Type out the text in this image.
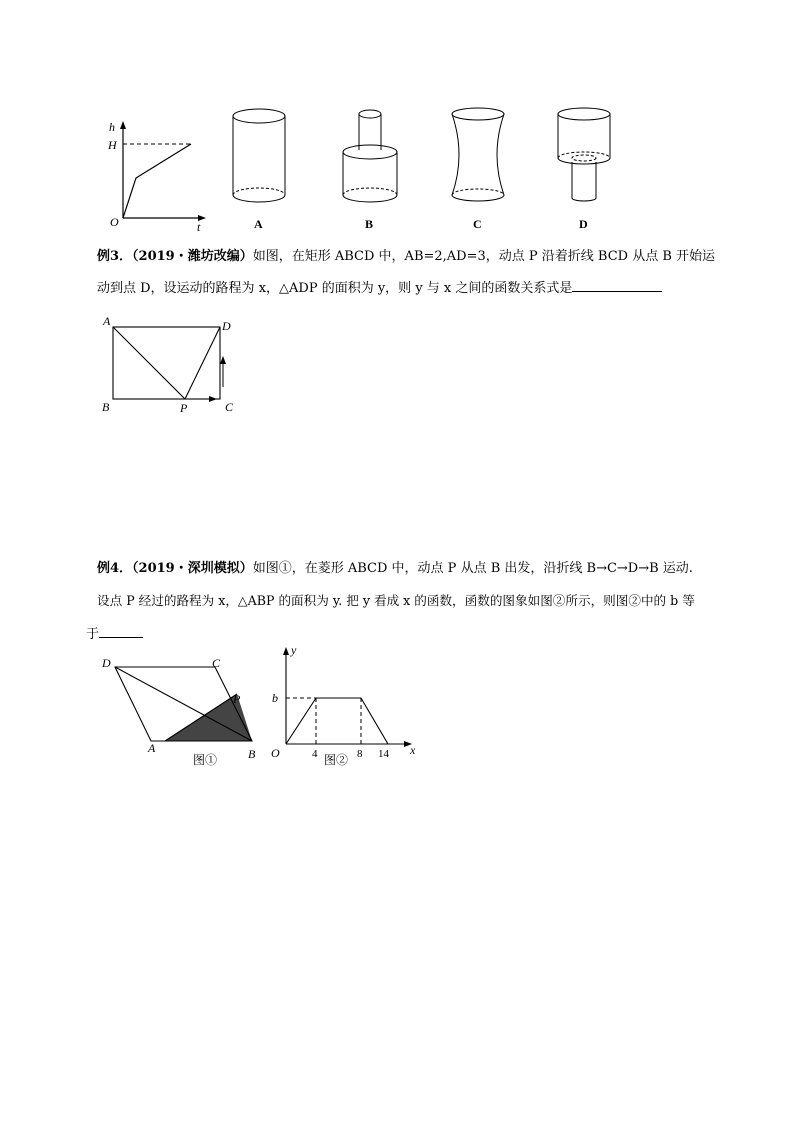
h
H
t
O	A	B	C	D
例3．（2019・潍坊改编）如图，在矩形 ABCD 中，AB=2,AD=3，动点 P 沿着折线 BCD 从点 B 开始运
动到点 D，设运动的路程为 x，△ADP 的面积为 y，则 y 与 x 之间的函数关系式是
A	D
B	P	C
例4．（2019・深圳模拟）如图①，在菱形 ABCD 中，动点 P 从点 B 出发，沿折线 B→C→D→B 运动.
设点 P 经过的路程为 x，△ABP 的面积为 y. 把 y 看成 x 的函数，函数的图象如图②所示，则图②中的 b 等
于
D	C
P
A	B
图①
y
b
O	4	8 14 x
图②
